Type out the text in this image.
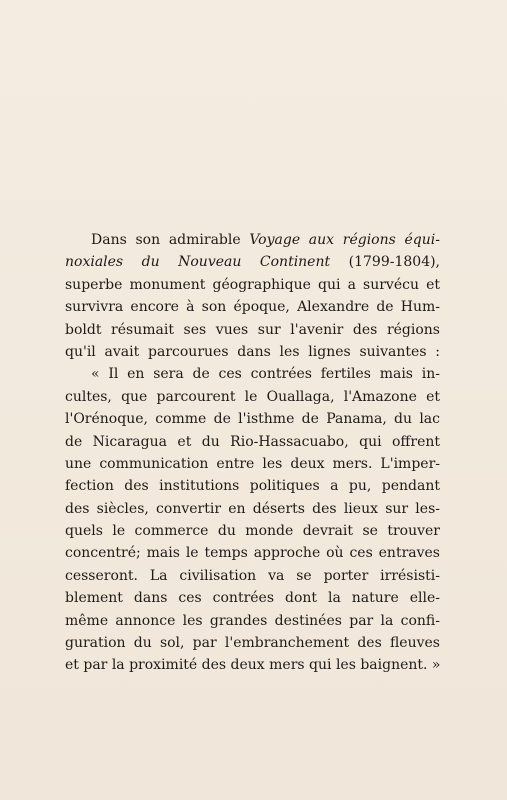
Dans son admirable Voyage aux régions équi-
noxiales du Nouveau Continent (1799-1804),
superbe monument géographique qui a survécu et
survivra encore à son époque, Alexandre de Hum-
boldt résumait ses vues sur l'avenir des régions
qu'il avait parcourues dans les lignes suivantes :
« Il en sera de ces contrées fertiles mais in-
cultes, que parcourent le Ouallaga, l'Amazone et
l'Orénoque, comme de l'isthme de Panama, du lac
de Nicaragua et du Rio-Hassacuabo, qui offrent
une communication entre les deux mers. L'imper-
fection des institutions politiques a pu, pendant
des siècles, convertir en déserts des lieux sur les-
quels le commerce du monde devrait se trouver
concentré; mais le temps approche où ces entraves
cesseront. La civilisation va se porter irrésisti-
blement dans ces contrées dont la nature elle-
même annonce les grandes destinées par la confi-
guration du sol, par l'embranchement des fleuves
et par la proximité des deux mers qui les baignent. »
